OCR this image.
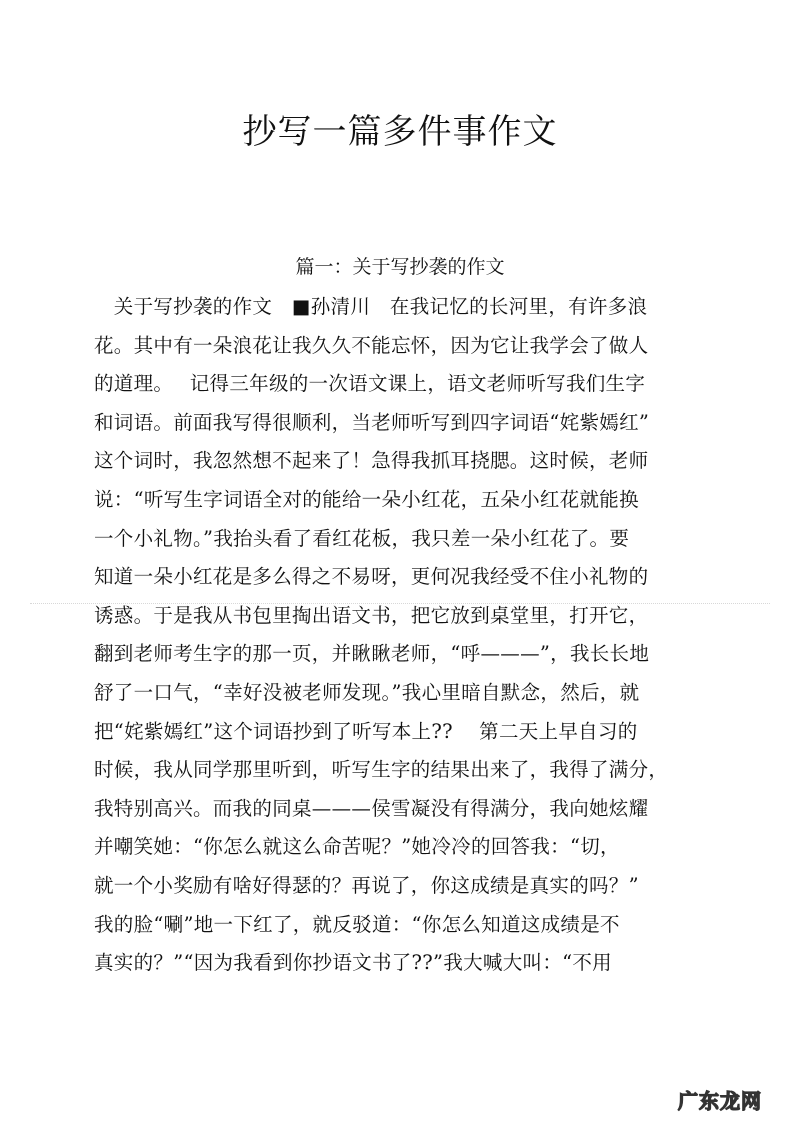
抄写一篇多件事作文
篇一：关于写抄袭的作文
　关于写抄袭的作文　■孙清川　在我记忆的长河里，有许多浪
花。其中有一朵浪花让我久久不能忘怀，因为它让我学会了做人
的道理。　 记得三年级的一次语文课上，语文老师听写我们生字
和词语。前面我写得很顺利，当老师听写到四字词语“姹紫嫣红”
这个词时，我忽然想不起来了！急得我抓耳挠腮。这时候，老师
说：“听写生字词语全对的能给一朵小红花，五朵小红花就能换
一个小礼物。”我抬头看了看红花板，我只差一朵小红花了。要
知道一朵小红花是多么得之不易呀，更何况我经受不住小礼物的
诱惑。于是我从书包里掏出语文书，把它放到桌堂里，打开它，
翻到老师考生字的那一页，并瞅瞅老师，“呼———”，我长长地
舒了一口气，“幸好没被老师发现。”我心里暗自默念，然后，就
把“姹紫嫣红”这个词语抄到了听写本上??　 第二天上早自习的
时候，我从同学那里听到，听写生字的结果出来了，我得了满分，
我特别高兴。而我的同桌———侯雪凝没有得满分，我向她炫耀
并嘲笑她：“你怎么就这么命苦呢？”她冷冷的回答我：“切，
就一个小奖励有啥好得瑟的？再说了，你这成绩是真实的吗？”
我的脸“唰”地一下红了，就反驳道：“你怎么知道这成绩是不
真实的？”“因为我看到你抄语文书了??”我大喊大叫：“不用
广东龙网
